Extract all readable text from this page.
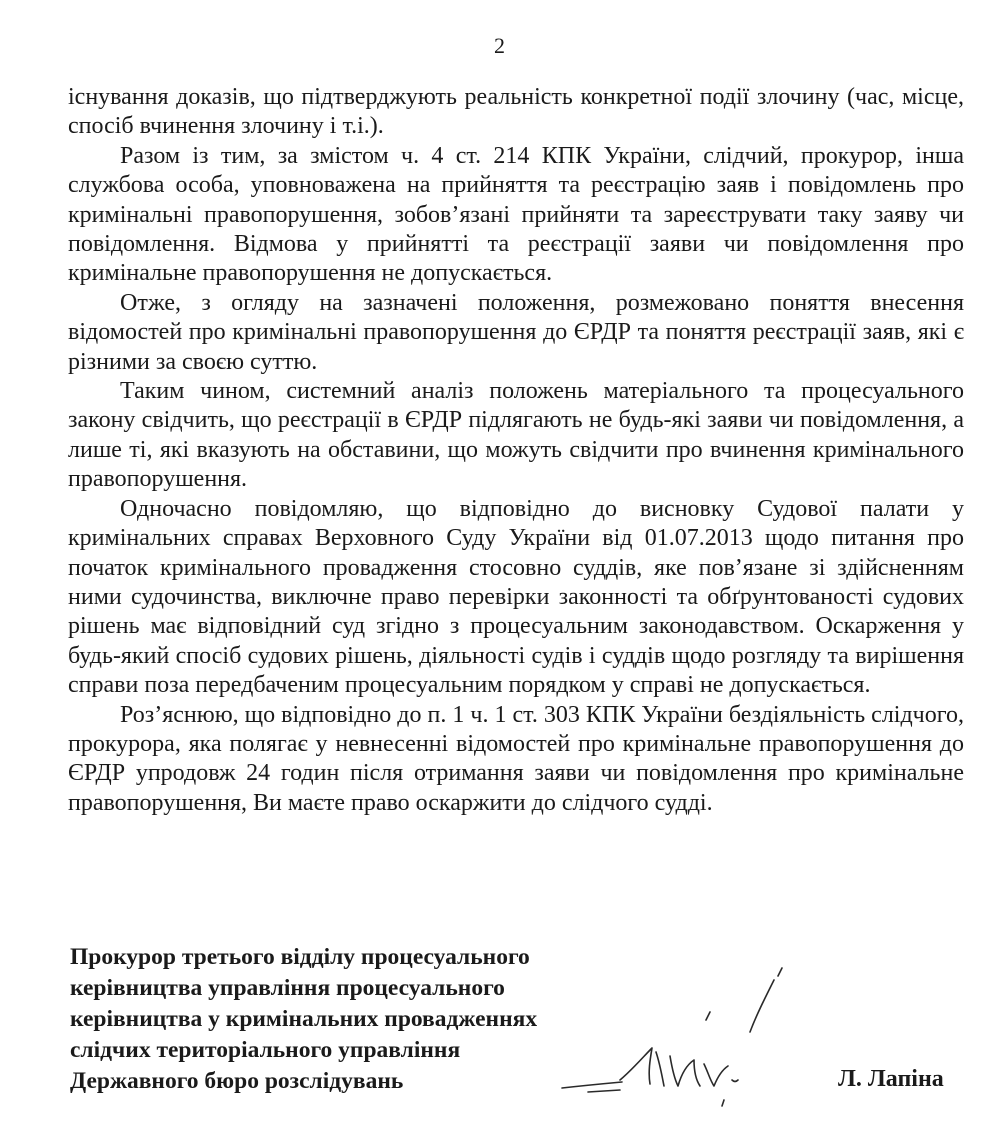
2

існування доказів, що підтверджують реальність конкретної події злочину (час, місце, спосіб вчинення злочину і т.і.).

Разом із тим, за змістом ч. 4 ст. 214 КПК України, слідчий, прокурор, інша службова особа, уповноважена на прийняття та реєстрацію заяв і повідомлень про кримінальні правопорушення, зобов’язані прийняти та зареєструвати таку заяву чи повідомлення. Відмова у прийнятті та реєстрації заяви чи повідомлення про кримінальне правопорушення не допускається.

Отже, з огляду на зазначені положення, розмежовано поняття внесення відомостей про кримінальні правопорушення до ЄРДР та поняття реєстрації заяв, які є різними за своєю суттю.

Таким чином, системний аналіз положень матеріального та процесуального закону свідчить, що реєстрації в ЄРДР підлягають не будь-які заяви чи повідомлення, а лише ті, які вказують на обставини, що можуть свідчити про вчинення кримінального правопорушення.

Одночасно повідомляю, що відповідно до висновку Судової палати у кримінальних справах Верховного Суду України від 01.07.2013 щодо питання про початок кримінального провадження стосовно суддів, яке пов’язане зі здійсненням ними судочинства, виключне право перевірки законності та обґрунтованості судових рішень має відповідний суд згідно з процесуальним законодавством. Оскарження у будь-який спосіб судових рішень, діяльності судів і суддів щодо розгляду та вирішення справи поза передбаченим процесуальним порядком у справі не допускається.

Роз’яснюю, що відповідно до п. 1 ч. 1 ст. 303 КПК України бездіяльність слідчого, прокурора, яка полягає у невнесенні відомостей про кримінальне правопорушення до ЄРДР упродовж 24 годин після отримання заяви чи повідомлення про кримінальне правопорушення, Ви маєте право оскаржити до слідчого судді.

Прокурор третього відділу процесуального
керівництва управління процесуального
керівництва у кримінальних провадженнях
слідчих територіального управління
Державного бюро розслідувань	Л. Лапіна
